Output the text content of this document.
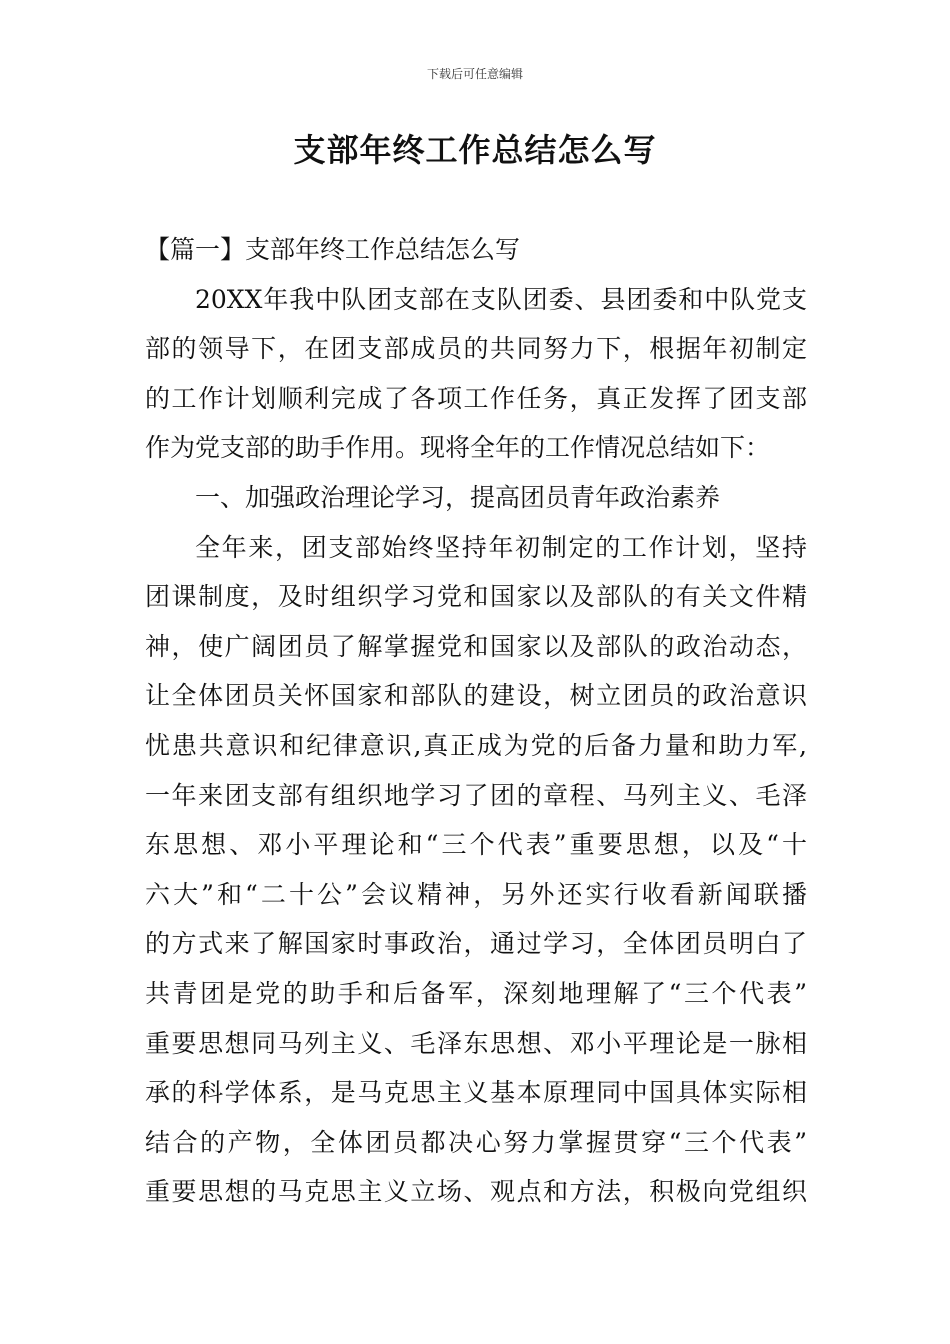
下载后可任意编辑
支部年终工作总结怎么写
【篇一】支部年终工作总结怎么写
20XX年我中队团支部在支队团委、县团委和中队党支
部的领导下，在团支部成员的共同努力下，根据年初制定
的工作计划顺利完成了各项工作任务，真正发挥了团支部
作为党支部的助手作用。现将全年的工作情况总结如下：
一、加强政治理论学习，提高团员青年政治素养
全年来，团支部始终坚持年初制定的工作计划，坚持
团课制度，及时组织学习党和国家以及部队的有关文件精
神，使广阔团员了解掌握党和国家以及部队的政治动态，
让全体团员关怀国家和部队的建设，树立团员的政治意识
忧患共意识和纪律意识,真正成为党的后备力量和助力军,
一年来团支部有组织地学习了团的章程、马列主义、毛泽
东思想、邓小平理论和“三个代表”重要思想，以及“十
六大”和“二十公”会议精神，另外还实行收看新闻联播
的方式来了解国家时事政治，通过学习，全体团员明白了
共青团是党的助手和后备军，深刻地理解了“三个代表”
重要思想同马列主义、毛泽东思想、邓小平理论是一脉相
承的科学体系，是马克思主义基本原理同中国具体实际相
结合的产物，全体团员都决心努力掌握贯穿“三个代表”
重要思想的马克思主义立场、观点和方法，积极向党组织
